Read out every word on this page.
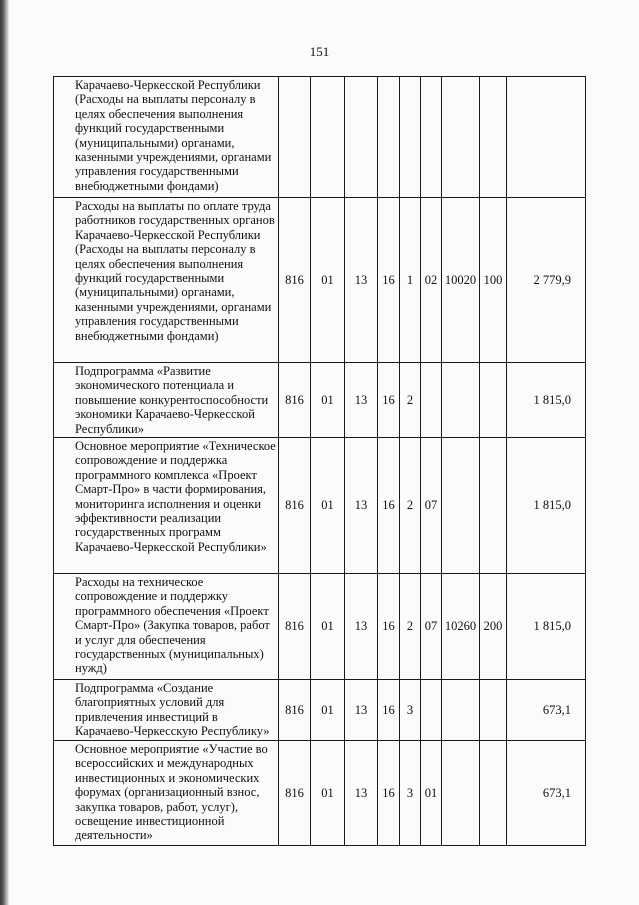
151
Карачаево-Черкесской Республики (Расходы на выплаты персоналу в целях обеспечения выполнения функций государственными (муниципальными) органами, казенными учреждениями, органами управления государственными внебюджетными фондами)									
Расходы на выплаты по оплате труда работников государственных органов Карачаево-Черкесской Республики (Расходы на выплаты персоналу в целях обеспечения выполнения функций государственными (муниципальными) органами, казенными учреждениями, органами управления государственными внебюджетными фондами)	816	01	13	16	1	02	10020	100	2 779,9
Подпрограмма «Развитие экономического потенциала и повышение конкурентоспособности экономики Карачаево-Черкесской Республики»	816	01	13	16	2				1 815,0
Основное мероприятие «Техническое сопровождение и поддержка программного комплекса «Проект Смарт-Про» в части формирования, мониторинга исполнения и оценки эффективности реализации государственных программ Карачаево-Черкесской Республики»	816	01	13	16	2	07			1 815,0
Расходы на техническое сопровождение и поддержку программного обеспечения «Проект Смарт-Про» (Закупка товаров, работ и услуг для обеспечения государственных (муниципальных) нужд)	816	01	13	16	2	07	10260	200	1 815,0
Подпрограмма «Создание благоприятных условий для привлечения инвестиций в Карачаево-Черкесскую Республику»	816	01	13	16	3				673,1
Основное мероприятие «Участие во всероссийских и международных инвестиционных и экономических форумах (организационный взнос, закупка товаров, работ, услуг), освещение инвестиционной деятельности»	816	01	13	16	3	01			673,1
